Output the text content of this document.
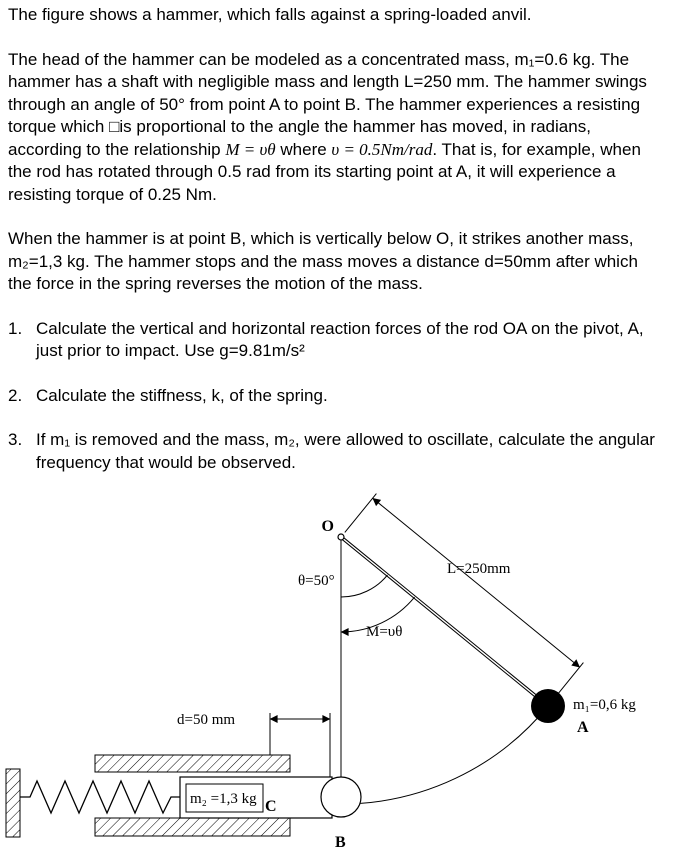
The figure shows a hammer, which falls against a spring-loaded anvil.

The head of the hammer can be modeled as a concentrated mass, m₁=0.6 kg. The hammer has a shaft with negligible mass and length L=250 mm. The hammer swings through an angle of 50° from point A to point B. The hammer experiences a resisting torque which □is proportional to the angle the hammer has moved, in radians, according to the relationship M = υθ where υ = 0.5Nm/rad. That is, for example, when the rod has rotated through 0.5 rad from its starting point at A, it will experience a resisting torque of 0.25 Nm.

When the hammer is at point B, which is vertically below O, it strikes another mass, m₂=1,3 kg. The hammer stops and the mass moves a distance d=50mm after which the force in the spring reverses the motion of the mass.

1. Calculate the vertical and horizontal reaction forces of the rod OA on the pivot, A, just prior to impact. Use g=9.81m/s²
2. Calculate the stiffness, k, of the spring.
3. If m₁ is removed and the mass, m₂, were allowed to oscillate, calculate the angular frequency that would be observed.
L=250mm
θ=50°
M=υθ
O
m₁=0,6 kg
A
m₂ =1,3 kg C
d=50 mm
B
